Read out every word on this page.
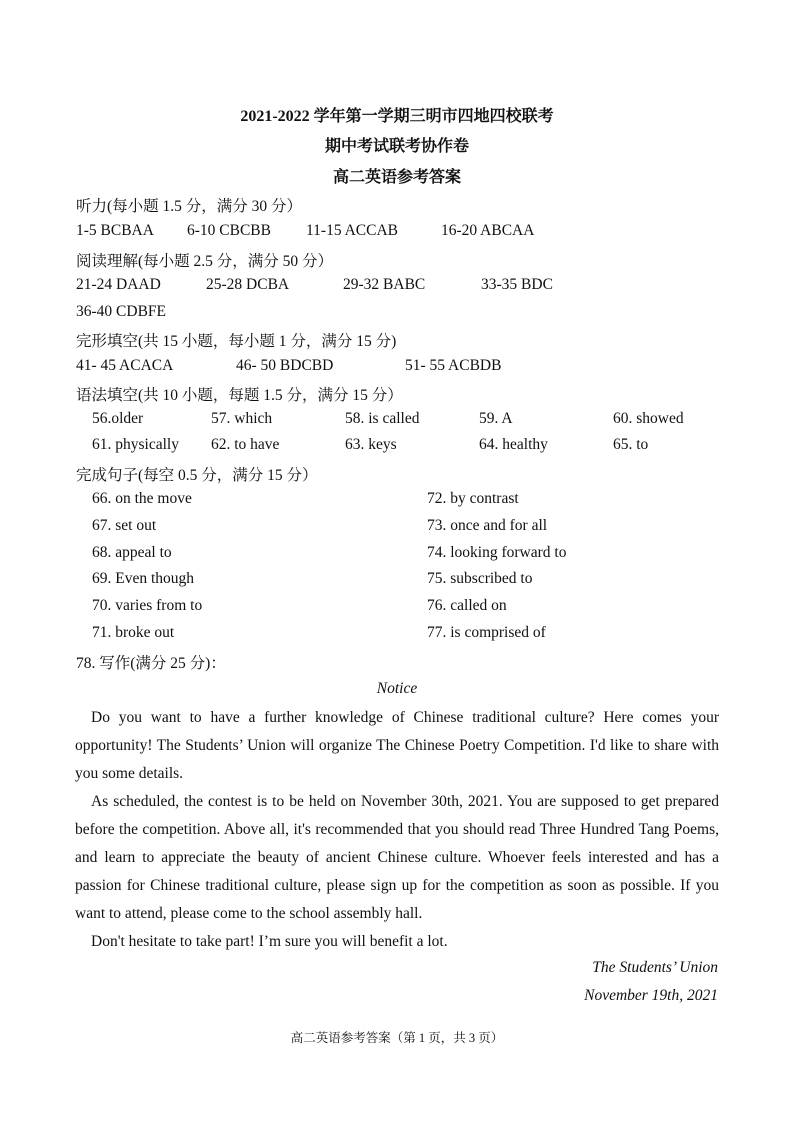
2021-2022 学年第一学期三明市四地四校联考
期中考试联考协作卷
高二英语参考答案
听力(每小题 1.5 分，满分 30 分）
1-5 BCBAA 6-10 CBCBB 11-15 ACCAB	16-20 ABCAA
阅读理解(每小题 2.5 分，满分 50 分）
21-24 DAAD	25-28 DCBA	29-32 BABC	33-35 BDC
36-40 CDBFE
完形填空(共 15 小题，每小题 1 分，满分 15 分)
41- 45 ACACA	46- 50 BDCBD	51- 55 ACBDB
语法填空(共 10 小题，每题 1.5 分，满分 15 分）
56.older	57. which	58. is called	59. A	60. showed
61. physically 62. to have	63. keys	64. healthy	65. to
完成句子(每空 0.5 分，满分 15 分）
66. on the move
67. set out
68. appeal to
69. Even though
70. varies from to
71. broke out
72. by contrast
73. once and for all
74. looking forward to
75. subscribed to
76. called on
77. is comprised of
78. 写作(满分 25 分)：
Notice

Do you want to have a further knowledge of Chinese traditional culture? Here comes your opportunity! The Students’ Union will organize The Chinese Poetry Competition. I'd like to share with you some details.

As scheduled, the contest is to be held on November 30th, 2021. You are supposed to get prepared before the competition. Above all, it's recommended that you should read Three Hundred Tang Poems, and learn to appreciate the beauty of ancient Chinese culture. Whoever feels interested and has a passion for Chinese traditional culture, please sign up for the competition as soon as possible. If you want to attend, please come to the school assembly hall.

Don't hesitate to take part! I’m sure you will benefit a lot.

The Students’ Union
November 19th, 2021
高二英语参考答案（第 1 页，共 3 页）
